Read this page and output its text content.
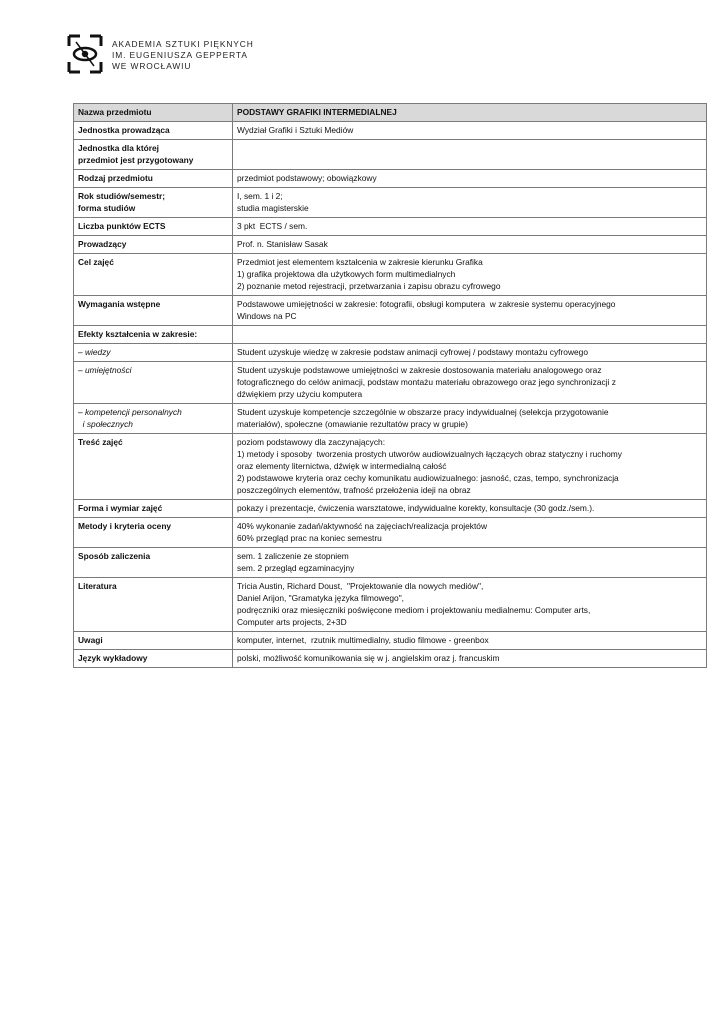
AKADEMIA SZTUKI PIĘKNYCH
IM. EUGENIUSZA GEPPERTA
WE WROCŁAWIU
Nazwa przedmiotu	PODSTAWY GRAFIKI INTERMEDIALNEJ

Jednostka prowadząca	Wydział Grafiki i Sztuki Mediów

Jednostka dla której
przedmiot jest przygotowany	

Rodzaj przedmiotu	przedmiot podstawowy; obowiązkowy

Rok studiów/semestr;
forma studiów	I, sem. 1 i 2;
studia magisterskie

Liczba punktów ECTS	3 pkt  ECTS / sem.

Prowadzący	Prof. n. Stanisław Sasak

Cel zajęć	Przedmiot jest elementem kształcenia w zakresie kierunku Grafika
1) grafika projektowa dla użytkowych form multimedialnych
2) poznanie metod rejestracji, przetwarzania i zapisu obrazu cyfrowego

Wymagania wstępne	Podstawowe umiejętności w zakresie: fotografii, obsługi komputera  w zakresie systemu operacyjnego
Windows na PC

Efekty kształcenia w zakresie:	

– wiedzy	Student uzyskuje wiedzę w zakresie podstaw animacji cyfrowej / podstawy montażu cyfrowego

– umiejętności	Student uzyskuje podstawowe umiejętności w zakresie dostosowania materiału analogowego oraz
fotograficznego do celów animacji, podstaw montażu materiału obrazowego oraz jego synchronizacji z
dźwiękiem przy użyciu komputera

– kompetencji personalnych
i społecznych	Student uzyskuje kompetencje szczególnie w obszarze pracy indywidualnej (selekcja przygotowanie
materiałów), społeczne (omawianie rezultatów pracy w grupie)

Treść zajęć	poziom podstawowy dla zaczynających:
1) metody i sposoby  tworzenia prostych utworów audiowizualnych łączących obraz statyczny i ruchomy
oraz elementy liternictwa, dźwięk w intermedialną całość
2) podstawowe kryteria oraz cechy komunikatu audiowizualnego: jasność, czas, tempo, synchronizacja
poszczególnych elementów, trafność przełożenia ideji na obraz

Forma i wymiar zajęć	pokazy i prezentacje, ćwiczenia warsztatowe, indywidualne korekty, konsultacje (30 godz./sem.).

Metody i kryteria oceny	40% wykonanie zadań/aktywność na zajęciach/realizacja projektów
60% przegląd prac na koniec semestru

Sposób zaliczenia	sem. 1 zaliczenie ze stopniem
sem. 2 przegląd egzaminacyjny

Literatura	Tricia Austin, Richard Doust,  "Projektowanie dla nowych mediów",
Daniel Arijon, "Gramatyka języka filmowego",
podręczniki oraz miesięczniki poświęcone mediom i projektowaniu medialnemu: Computer arts,
Computer arts projects, 2+3D

Uwagi	komputer, internet,  rzutnik multimedialny, studio filmowe - greenbox

Język wykładowy	polski, możliwość komunikowania się w j. angielskim oraz j. francuskim
